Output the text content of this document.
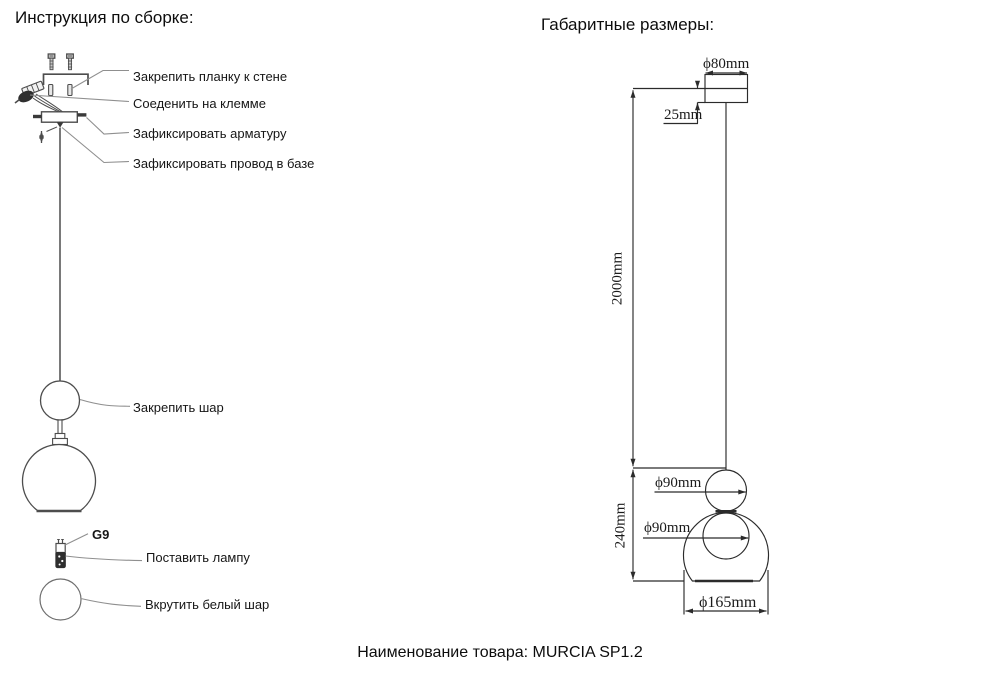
Инструкция по сборке:	Габаритные размеры:
Закрепить планку к стене
Соеденить на клемме
Зафиксировать арматуру
Зафиксировать провод в базе
Закрепить шар
G9
Поставить лампу
Вкрутить белый шар
ϕ80mm
25mm
2000mm
240mm
ϕ90mm
ϕ90mm
ϕ165mm
Наименование товара: MURCIA SP1.2
